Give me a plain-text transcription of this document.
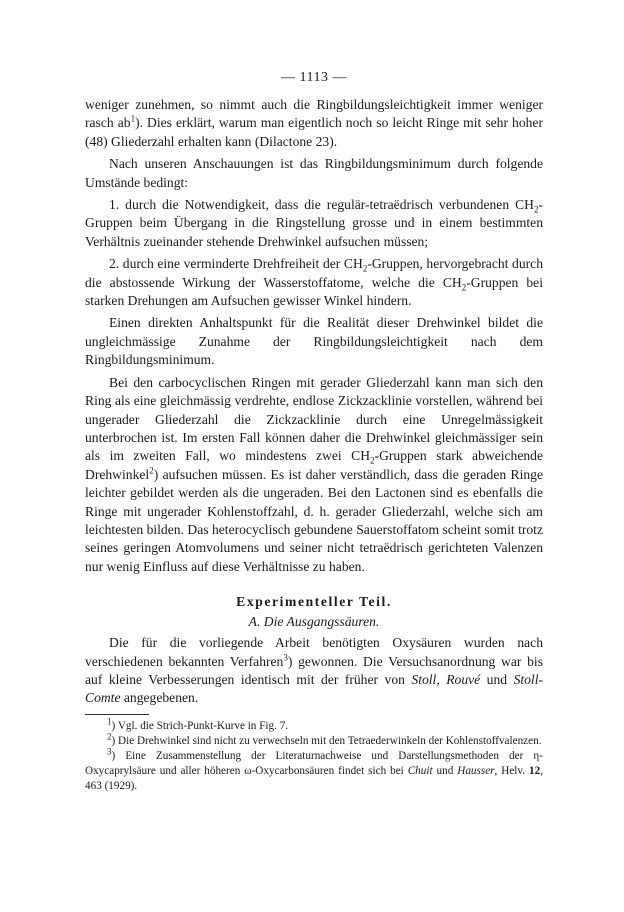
— 1113 —

weniger zunehmen, so nimmt auch die Ringbildungsleichtigkeit immer weniger rasch $ab^1$). Dies erklärt, warum man eigentlich noch so leicht Ringe mit sehr hoher (48) Gliederzahl erhalten kann (Dilactone 23).

Nach unseren Anschauungen ist das Ringbildungsminimum durch folgende Umstände bedingt:

1. durch die Notwendigkeit, dass die regulär-tetraëdrisch verbundenen $CH_2$-Gruppen beim Übergang in die Ringstellung grosse und in einem bestimmten Verhältnis zueinander stehende Drehwinkel aufsuchen müssen;

2. durch eine verminderte Drehfreiheit der $CH_2$-Gruppen, hervorgebracht durch die abstossende Wirkung der Wasserstoffatome, welche die $CH_2$-Gruppen bei starken Drehungen am Aufsuchen gewisser Winkel hindern.

Einen direkten Anhaltspunkt für die Realität dieser Drehwinkel bildet die ungleichmässige Zunahme der Ringbildungsleichtigkeit nach dem Ringbildungsminimum.

Bei den carbocyclischen Ringen mit gerader Gliederzahl kann man sich den Ring als eine gleichmässig verdrehte, endlose Zickzacklinie vorstellen, während bei ungerader Gliederzahl die Zickzacklinie durch eine Unregelmässigkeit unterbrochen ist. Im ersten Fall können daher die Drehwinkel gleichmässiger sein als im zweiten Fall, wo mindestens zwei $CH_2$-Gruppen stark abweichende Drehwinkel$^2$) aufsuchen müssen. Es ist daher verständlich, dass die geraden Ringe leichter gebildet werden als die ungeraden. Bei den Lactonen sind es ebenfalls die Ringe mit ungerader Kohlenstoffzahl, d. h. gerader Gliederzahl, welche sich am leichtesten bilden. Das heterocyclisch gebundene Sauerstoffatom scheint somit trotz seines geringen Atomvolumens und seiner nicht tetraëdrisch gerichteten Valenzen nur wenig Einfluss auf diese Verhältnisse zu haben.

Experimenteller Teil.
A. Die Ausgangssäuren.

Die für die vorliegende Arbeit benötigten Oxysäuren wurden nach verschiedenen bekannten Verfahren$^3$) gewonnen. Die Versuchsanordnung war bis auf kleine Verbesserungen identisch mit der früher von Stoll, Rouvé und Stoll-Comte angegebenen.

$^1$) Vgl. die Strich-Punkt-Kurve in Fig. 7.

$^2$) Die Drehwinkel sind nicht zu verwechseln mit den Tetraederwinkeln der Kohlenstoffvalenzen.

$^3$) Eine Zusammenstellung der Literaturnachweise und Darstellungsmethoden der η-Oxycaprylsäure und aller höheren ω-Oxycarbonsäuren findet sich bei Chuit und Hausser, Helv. 12, 463 (1929).
